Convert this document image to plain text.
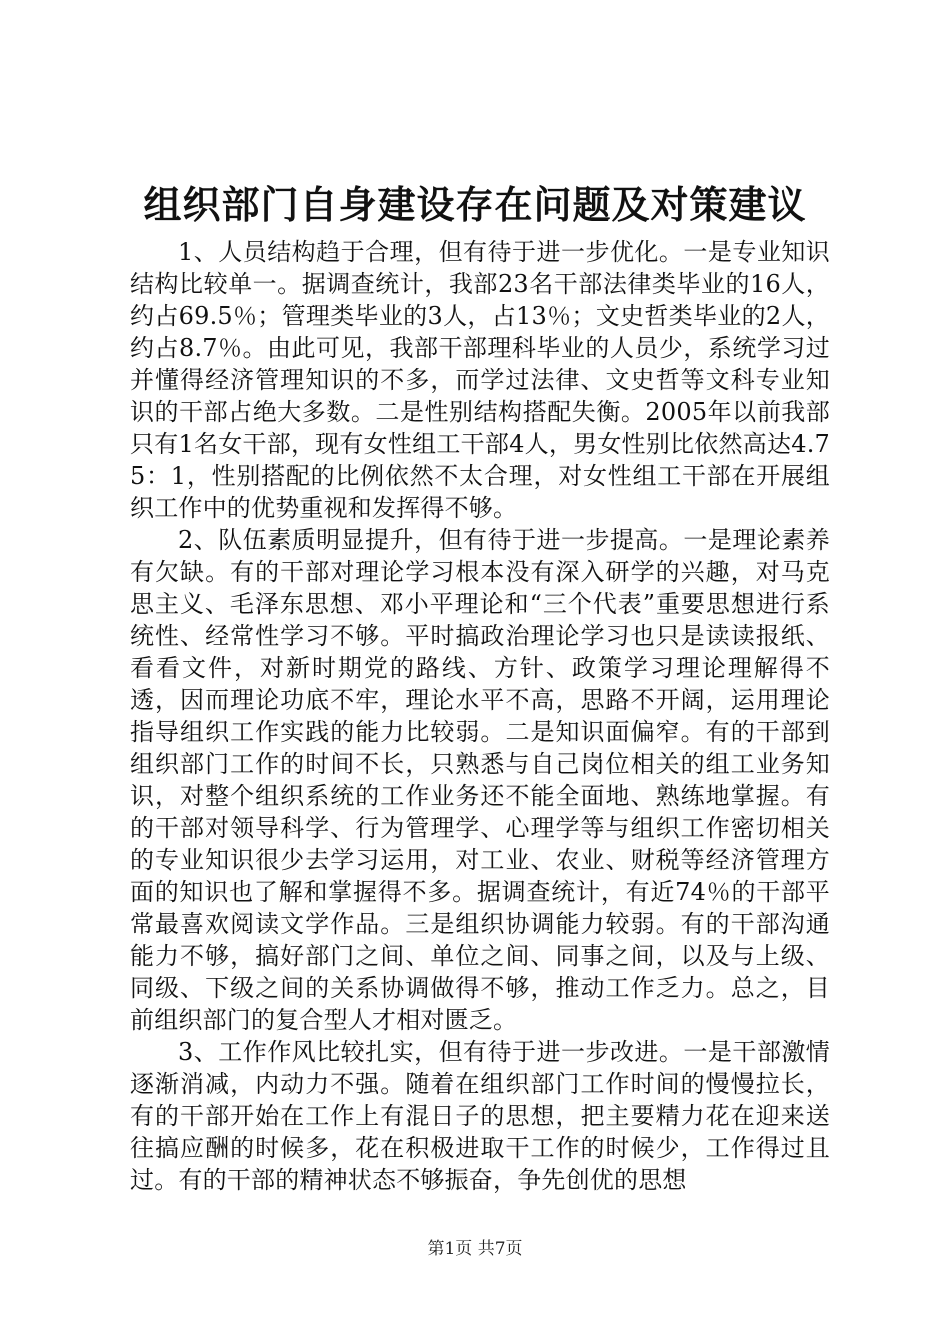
组织部门自身建设存在问题及对策建议

1、人员结构趋于合理，但有待于进一步优化。一是专业知识结构比较单一。据调查统计，我部23名干部法律类毕业的16人，约占69.5％；管理类毕业的3人，占13％；文史哲类毕业的2人，约占8.7％。由此可见，我部干部理科毕业的人员少，系统学习过并懂得经济管理知识的不多，而学过法律、文史哲等文科专业知识的干部占绝大多数。二是性别结构搭配失衡。2005年以前我部只有1名女干部，现有女性组工干部4人，男女性别比依然高达4.75：1，性别搭配的比例依然不太合理，对女性组工干部在开展组织工作中的优势重视和发挥得不够。

2、队伍素质明显提升，但有待于进一步提高。一是理论素养有欠缺。有的干部对理论学习根本没有深入研学的兴趣，对马克思主义、毛泽东思想、邓小平理论和“三个代表”重要思想进行系统性、经常性学习不够。平时搞政治理论学习也只是读读报纸、看看文件，对新时期党的路线、方针、政策学习理论理解得不透，因而理论功底不牢，理论水平不高，思路不开阔，运用理论指导组织工作实践的能力比较弱。二是知识面偏窄。有的干部到组织部门工作的时间不长，只熟悉与自己岗位相关的组工业务知识，对整个组织系统的工作业务还不能全面地、熟练地掌握。有的干部对领导科学、行为管理学、心理学等与组织工作密切相关的专业知识很少去学习运用，对工业、农业、财税等经济管理方面的知识也了解和掌握得不多。据调查统计，有近74％的干部平常最喜欢阅读文学作品。三是组织协调能力较弱。有的干部沟通能力不够，搞好部门之间、单位之间、同事之间，以及与上级、同级、下级之间的关系协调做得不够，推动工作乏力。总之，目前组织部门的复合型人才相对匮乏。

3、工作作风比较扎实，但有待于进一步改进。一是干部激情逐渐消减，内动力不强。随着在组织部门工作时间的慢慢拉长，有的干部开始在工作上有混日子的思想，把主要精力花在迎来送往搞应酬的时候多，花在积极进取干工作的时候少，工作得过且过。有的干部的精神状态不够振奋，争先创优的思想

第1页 共7页
